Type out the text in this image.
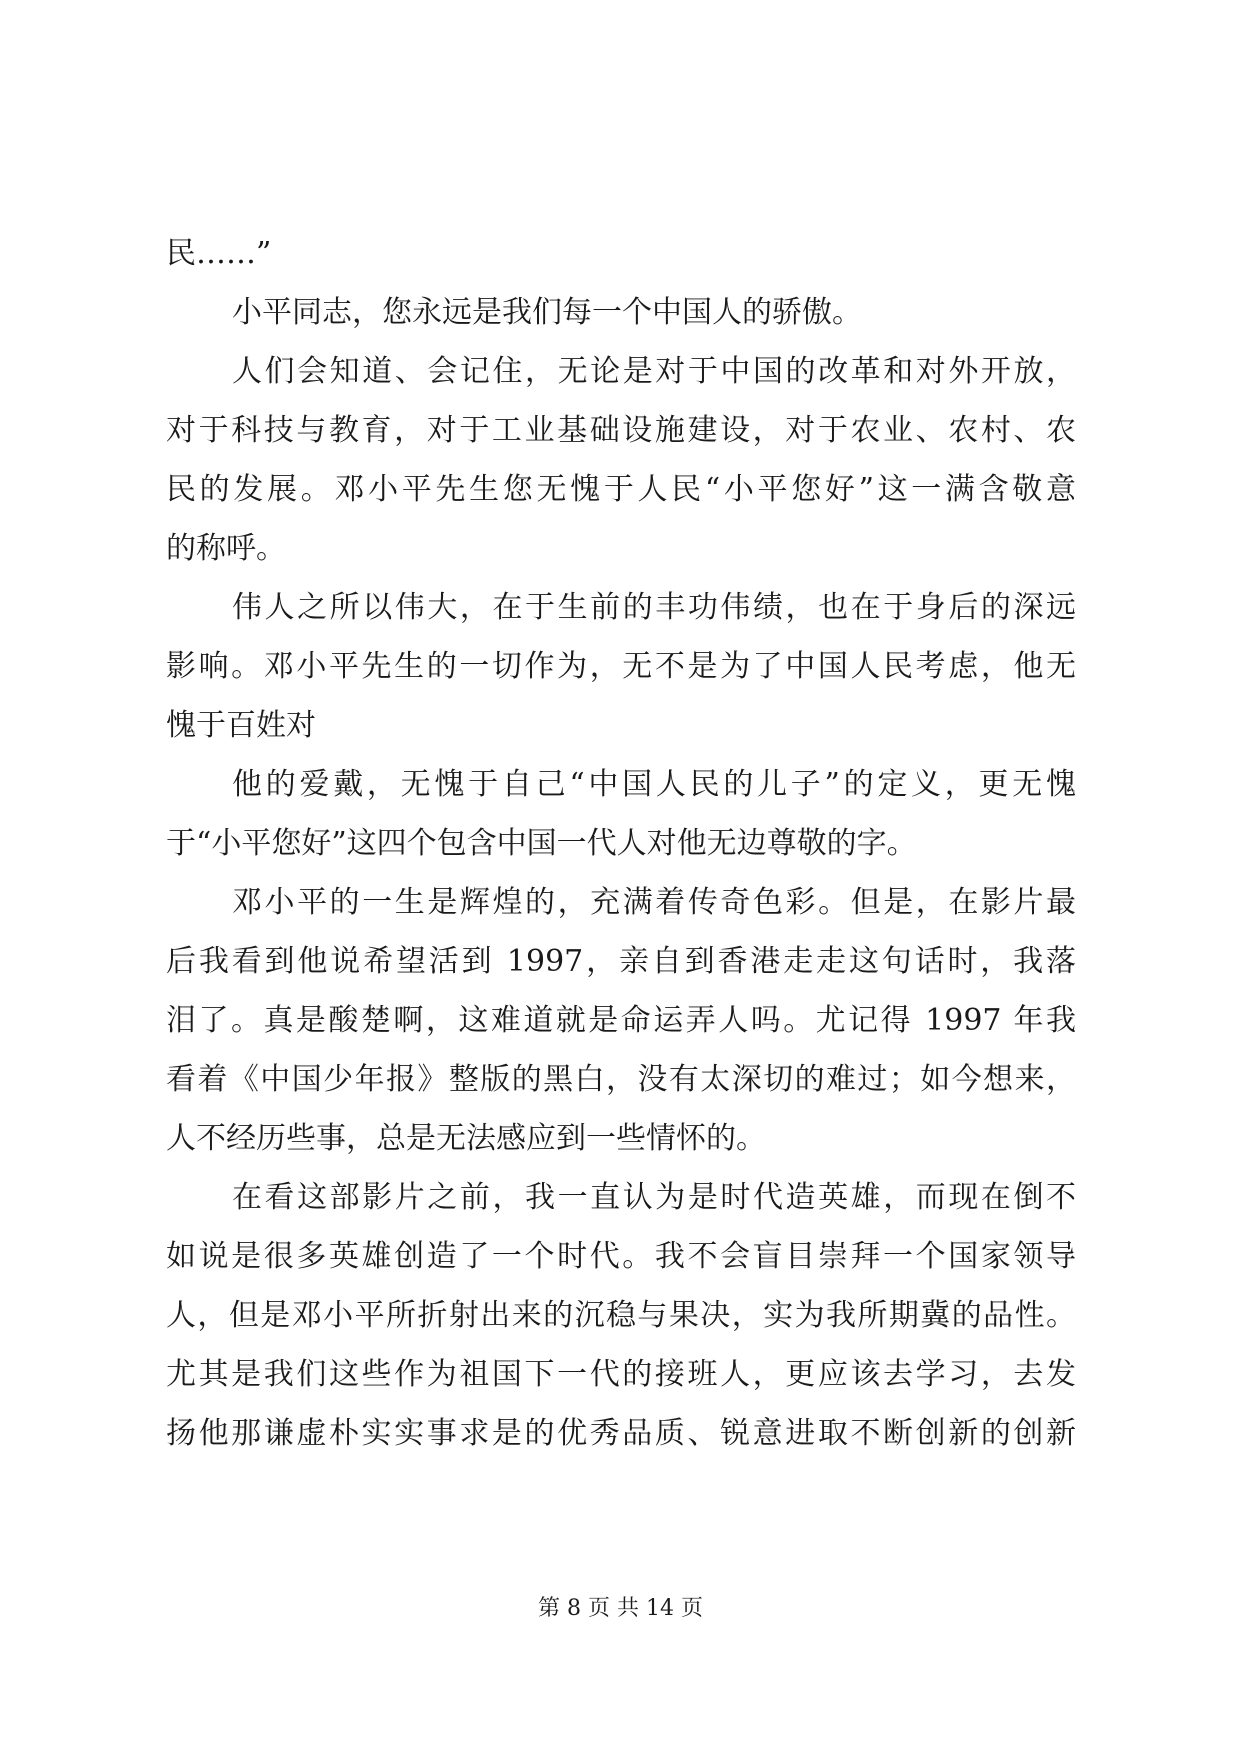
民……”
小平同志，您永远是我们每一个中国人的骄傲。
人们会知道、会记住，无论是对于中国的改革和对外开放，
对于科技与教育，对于工业基础设施建设，对于农业、农村、农
民的发展。邓小平先生您无愧于人民“小平您好”这一满含敬意
的称呼。
伟人之所以伟大，在于生前的丰功伟绩，也在于身后的深远
影响。邓小平先生的一切作为，无不是为了中国人民考虑，他无
愧于百姓对
他的爱戴，无愧于自己“中国人民的儿子”的定义，更无愧
于“小平您好”这四个包含中国一代人对他无边尊敬的字。
邓小平的一生是辉煌的，充满着传奇色彩。但是，在影片最
后我看到他说希望活到 1997，亲自到香港走走这句话时，我落
泪了。真是酸楚啊，这难道就是命运弄人吗。尤记得 1997 年我
看着《中国少年报》整版的黑白，没有太深切的难过；如今想来，
人不经历些事，总是无法感应到一些情怀的。
在看这部影片之前，我一直认为是时代造英雄，而现在倒不
如说是很多英雄创造了一个时代。我不会盲目崇拜一个国家领导
人，但是邓小平所折射出来的沉稳与果决，实为我所期冀的品性。
尤其是我们这些作为祖国下一代的接班人，更应该去学习，去发
扬他那谦虚朴实实事求是的优秀品质、锐意进取不断创新的创新
第 8 页 共 14 页
